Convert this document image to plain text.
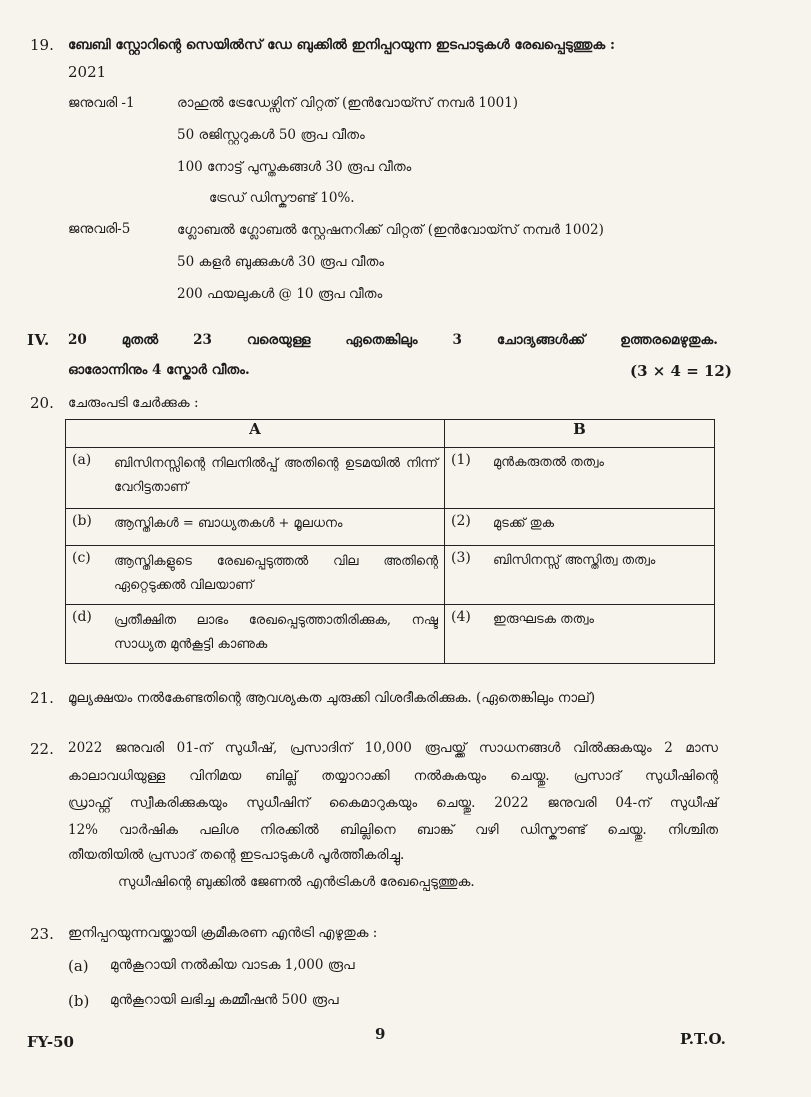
19. ബേബി സ്റ്റോറിന്റെ സെയിൽസ് ഡേ ബുക്കിൽ ഇനിപ്പറയുന്ന ഇടപാടുകൾ രേഖപ്പെടുത്തുക :
2021
ജനുവരി -1	രാഹുൽ ട്രേഡേഴ്സിന് വിറ്റത് (ഇൻവോയ്സ് നമ്പർ 1001)
50 രജിസ്റ്ററുകൾ 50 രൂപ വീതം
100 നോട്ട് പുസ്തകങ്ങൾ 30 രൂപ വീതം
ട്രേഡ് ഡിസ്കൗണ്ട് 10%.
ജനുവരി-5	ഗ്ലോബൽ ഗ്ലോബൽ സ്റ്റേഷനറിക്ക് വിറ്റത് (ഇൻവോയ്സ് നമ്പർ 1002)
50 കളർ ബുക്കുകൾ 30 രൂപ വീതം
200 ഫയലുകൾ @ 10 രൂപ വീതം
IV. 20 മുതൽ 23 വരെയുള്ള ഏതെങ്കിലും 3 ചോദ്യങ്ങൾക്ക് ഉത്തരമെഴുതുക.
ഓരോന്നിനും 4 സ്കോർ വീതം.	(3 × 4 = 12)
20. ചേരുംപടി ചേർക്കുക :
A	B

(a) ബിസിനസ്സിന്റെ നിലനിൽപ്പ് അതിന്റെ ഉടമയിൽ നിന്ന് വേറിട്ടതാണ്	(1) മുൻകരുതൽ തത്വം

(b) ആസ്തികൾ = ബാധ്യതകൾ + മൂലധനം	(2) മുടക്ക് തുക

(c) ആസ്തികളുടെ രേഖപ്പെടുത്തൽ വില അതിന്റെ ഏറ്റെടുക്കൽ വിലയാണ്	(3) ബിസിനസ്സ് അസ്തിത്വ തത്വം

(d) പ്രതീക്ഷിത ലാഭം രേഖപ്പെടുത്താതിരിക്കുക, നഷ്ട സാധ്യത മുൻകൂട്ടി കാണുക	(4) ഇരുഘടക തത്വം
21. മൂല്യക്ഷയം നൽകേണ്ടതിന്റെ ആവശ്യകത ചുരുക്കി വിശദീകരിക്കുക. (ഏതെങ്കിലും നാല്)
22. 2022 ജനുവരി 01-ന് സുധീഷ്, പ്രസാദിന് 10,000 രൂപയ്ക്ക് സാധനങ്ങൾ വിൽക്കുകയും 2 മാസ
കാലാവധിയുള്ള വിനിമയ ബില്ല് തയ്യാറാക്കി നൽകുകയും ചെയ്തു. പ്രസാദ് സുധീഷിന്റെ
ഡ്രാഫ്റ്റ് സ്വീകരിക്കുകയും സുധീഷിന് കൈമാറുകയും ചെയ്തു. 2022 ജനുവരി 04-ന് സുധീഷ്
12% വാർഷിക പലിശ നിരക്കിൽ ബില്ലിനെ ബാങ്ക് വഴി ഡിസ്കൗണ്ട് ചെയ്തു. നിശ്ചിത
തീയതിയിൽ പ്രസാദ് തന്റെ ഇടപാടുകൾ പൂർത്തീകരിച്ചു.
സുധീഷിന്റെ ബുക്കിൽ ജേണൽ എൻട്രികൾ രേഖപ്പെടുത്തുക.
23. ഇനിപ്പറയുന്നവയ്ക്കായി ക്രമീകരണ എൻട്രി എഴുതുക :
(a) മുൻകൂറായി നൽകിയ വാടക 1,000 രൂപ
(b) മുൻകൂറായി ലഭിച്ച കമ്മീഷൻ 500 രൂപ
FY-50	9	P.T.O.
